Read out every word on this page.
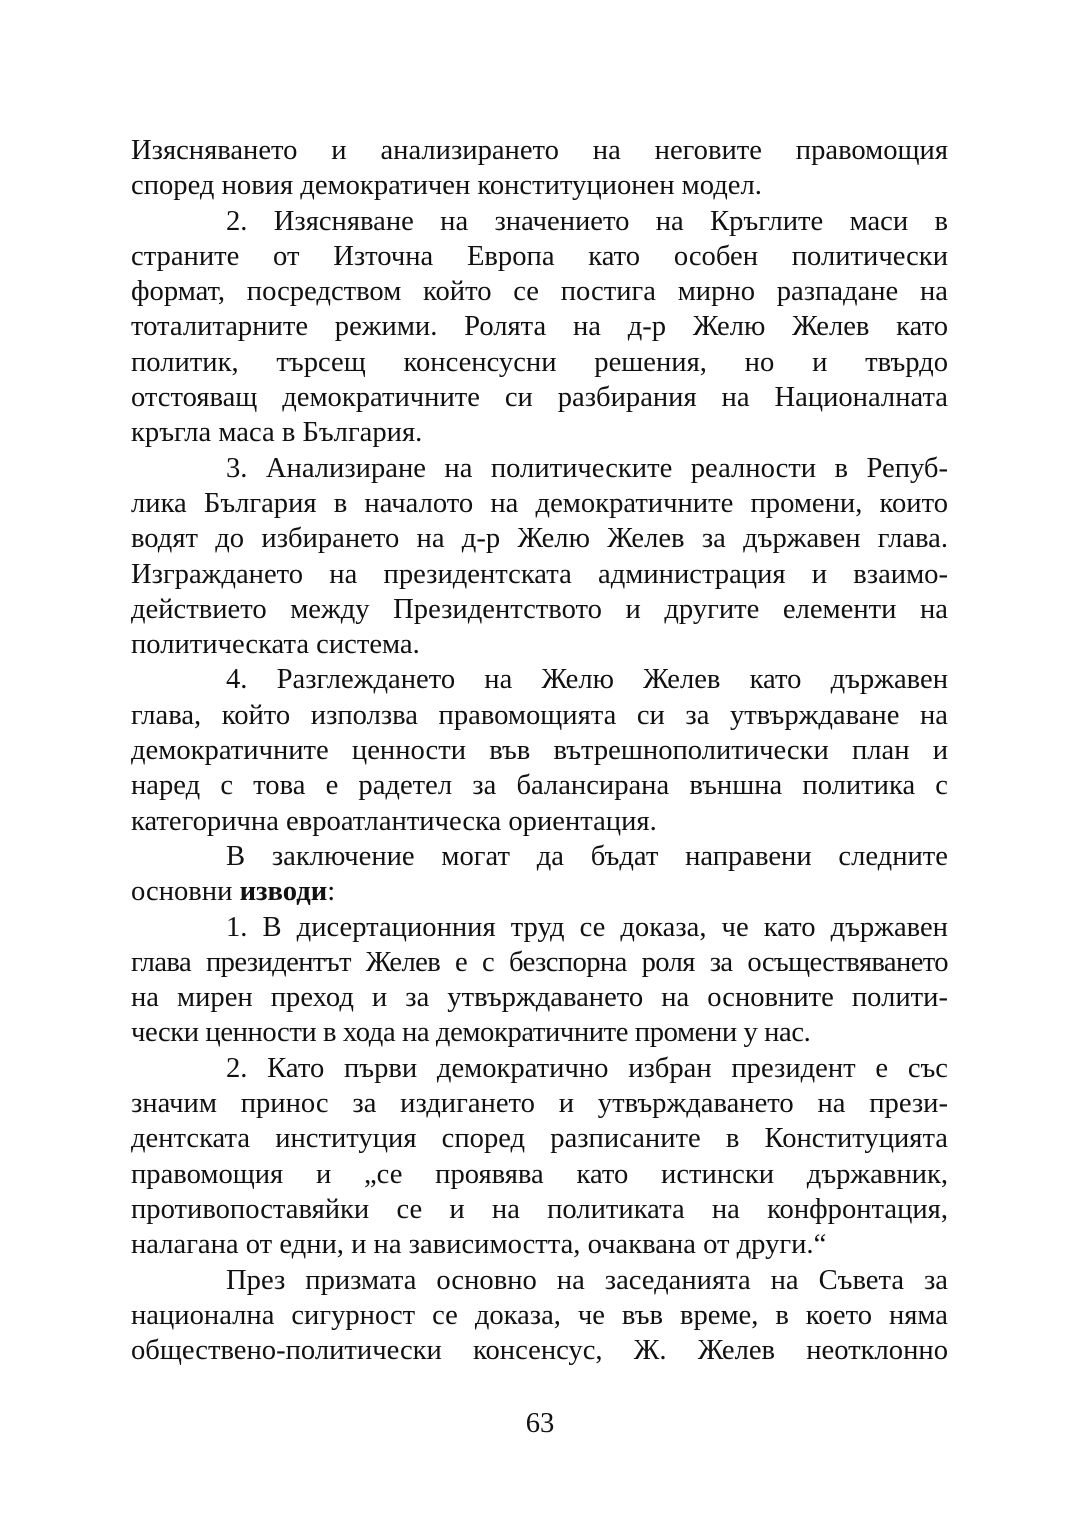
Изясняването и анализирането на неговите правомощия
според новия демократичен конституционен модел.

2. Изясняване на значението на Кръглите маси в
страните от Източна Европа като особен политически
формат, посредством който се постига мирно разпадане на
тоталитарните режими. Ролята на д-р Желю Желев като
политик, търсещ консенсусни решения, но и твърдо
отстояващ демократичните си разбирания на Националната
кръгла маса в България.

3. Анализиране на политическите реалности в Репуб-
лика България в началото на демократичните промени, които
водят до избирането на д-р Желю Желев за държавен глава.
Изграждането на президентската администрация и взаимо-
действието между Президентството и другите елементи на
политическата система.

4. Разглеждането на Желю Желев като държавен
глава, който използва правомощията си за утвърждаване на
демократичните ценности във вътрешнополитически план и
наред с това е радетел за балансирана външна политика с
категорична евроатлантическа ориентация.

В заключение могат да бъдат направени следните
основни изводи:

1. В дисертационния труд се доказа, че като държавен
глава президентът Желев е с безспорна роля за осъществяването
на мирен преход и за утвърждаването на основните полити-
чески ценности в хода на демократичните промени у нас.

2. Като първи демократично избран президент е със
значим принос за издигането и утвърждаването на прези-
дентската институция според разписаните в Конституцията
правомощия и „се проявява като истински държавник,
противопоставяйки се и на политиката на конфронтация,
налагана от едни, и на зависимостта, очаквана от други.“

През призмата основно на заседанията на Съвета за
национална сигурност се доказа, че във време, в което няма
обществено-политически консенсус, Ж. Желев неотклонно

63
